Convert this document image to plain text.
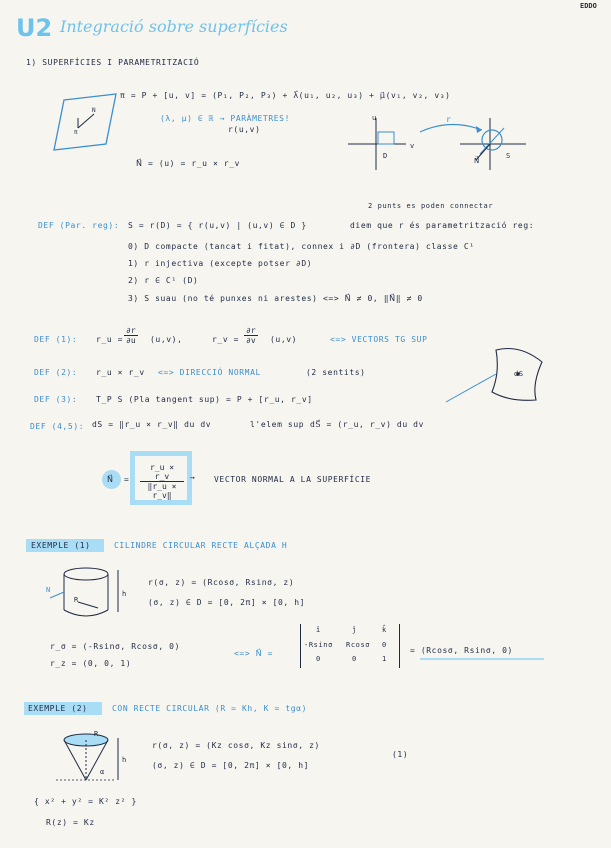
EDDO
U2 Integració sobre superfícies
1) SUPERFÍCIES I PARAMETRITZACIÓ
π = P + [u, v] = (P₁, P₂, P₃) + λ⃗(u₁, u₂, u₃) + μ⃗(v₁, v₂, v₃)
(λ, μ) ∈ ℝ → PARÀMETRES!
r(u,v)
N⃗ = (u) = r_u × r_v
π
N
u
v
D
r
S
N⃗
2 punts es poden connectar
DEF (Par. reg): S = r(D) = { r(u,v) | (u,v) ∈ D }	diem que r és parametrització reg:
0) D compacte (tancat i fitat), connex i ∂D (frontera) classe C¹
1) r injectiva (excepte potser ∂D)
2) r ∈ C¹ (D)
3) S suau (no té punxes ni arestes) <=> N⃗ ≠ 0, ‖N⃗‖ ≠ 0
DEF (1): r_u = $\frac{\partial r}{\partial u} (u,v)$,	r_v = $\frac{\partial r}{\partial v} (u,v)$	<=> VECTORS TG SUP
DEF (2): r_u × r_v <=> DIRECCIÓ NORMAL	(2 sentits)
DEF (3): T_P S (Pla tangent sup) = P + [r_u, r_v]
DEF (4,5): dS = ‖r_u × r_v‖ du dv	l'elem sup dS⃗ = (r_u, r_v) du dv
dS
N⃗ = $\frac{r\_u \times r\_v}{‖r\_u \times r\_v‖}$ → VECTOR NORMAL A LA SUPERFÍCIE
EXEMPLE (1)	CILINDRE CIRCULAR RECTE ALÇADA H
h
N
R
r(σ, z) = (Rcosσ, Rsinσ, z)
(σ, z) ∈ D = [0, 2π] × [0, h]
r_σ = (-Rsinσ, Rcosσ, 0)
r_z = (0, 0, 1)
<=> N⃗ =
î	ĵ	k̂
-Rsinσ Rcosσ 0
0	0	1
= (Rcosσ, Rsinσ, 0)
EXEMPLE (2)	CON RECTE CIRCULAR (R = Kh, K = tgα)
h
R
α
r(σ, z) = (Kz cosσ, Kz sinσ, z)
(σ, z) ∈ D = [0, 2π] × [0, h]
(1)
{ x² + y² = K² z² }
R(z) = Kz
